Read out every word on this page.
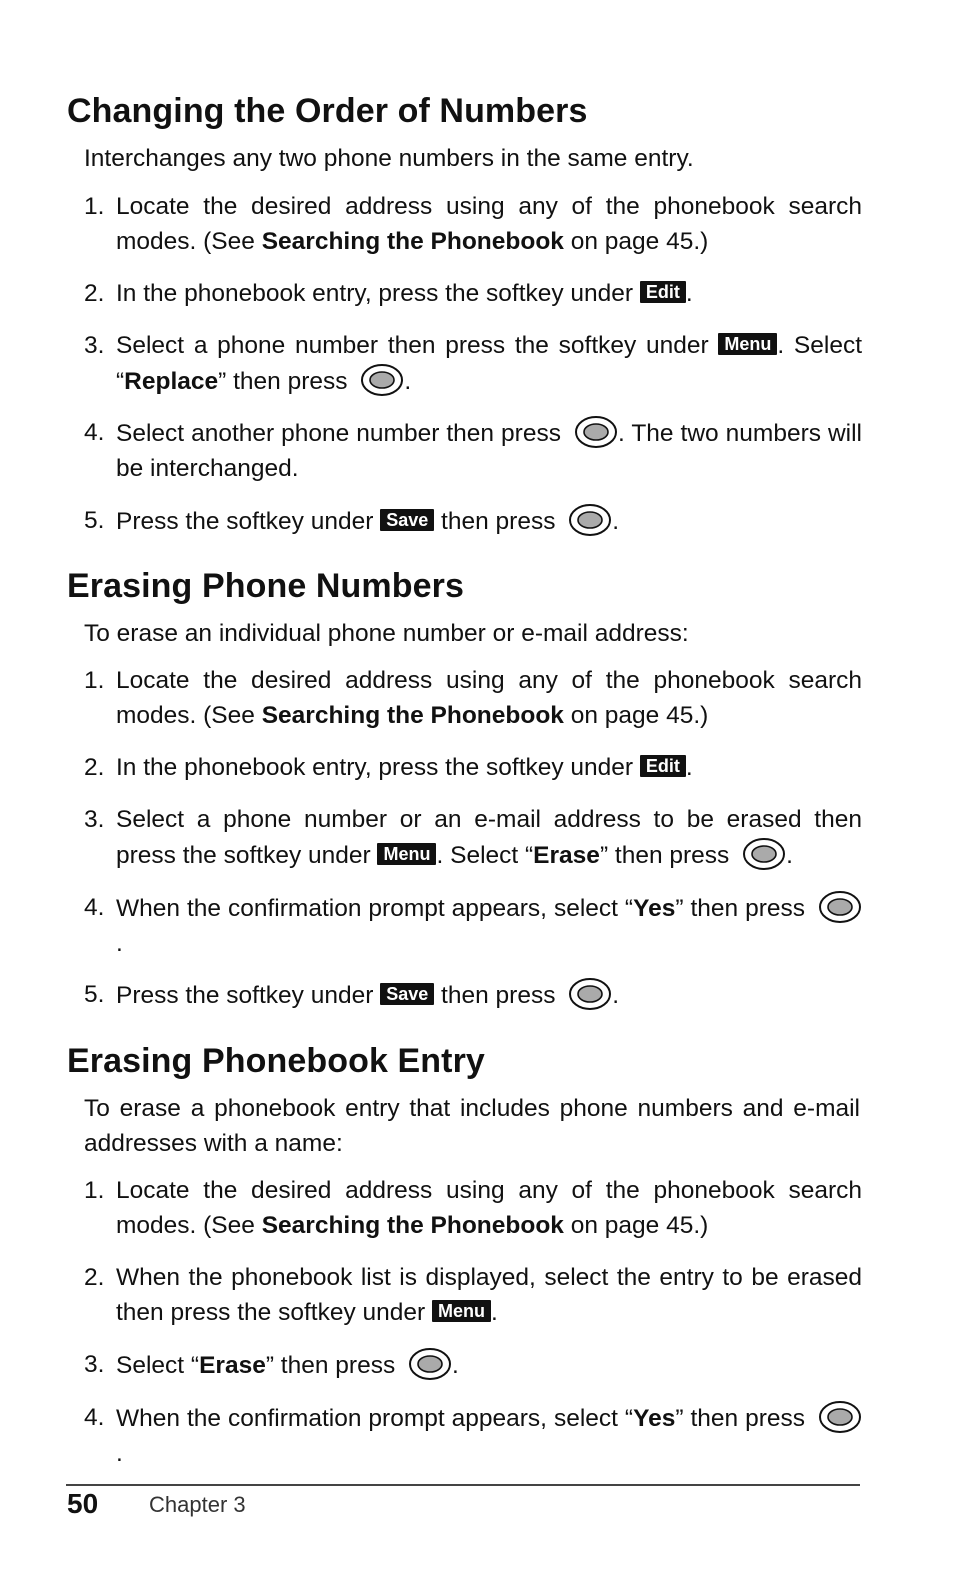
Changing the Order of Numbers

Interchanges any two phone numbers in the same entry.

1. Locate the desired address using any of the phonebook search modes. (See Searching the Phonebook on page 45.)
2. In the phonebook entry, press the softkey under Edit .
3. Select a phone number then press the softkey under Menu . Select “Replace” then press
.
4. Select another phone number then press
. The two numbers will be interchanged.
5. Press the softkey under Save then press
.
Erasing Phone Numbers

To erase an individual phone number or e-mail address:

1. Locate the desired address using any of the phonebook search modes. (See Searching the Phonebook on page 45.)
2. In the phonebook entry, press the softkey under Edit .
3. Select a phone number or an e-mail address to be erased then press the softkey under Menu . Select “Erase” then press
.
4. When the confirmation prompt appears, select “Yes” then press
.
5. Press the softkey under Save then press
.
Erasing Phonebook Entry

To erase a phonebook entry that includes phone numbers and e-mail addresses with a name:

1. Locate the desired address using any of the phonebook search modes. (See Searching the Phonebook on page 45.)
2. When the phonebook list is displayed, select the entry to be erased then press the softkey under Menu .
3. Select “Erase” then press
.
4. When the confirmation prompt appears, select “Yes” then press
.
50 Chapter 3
